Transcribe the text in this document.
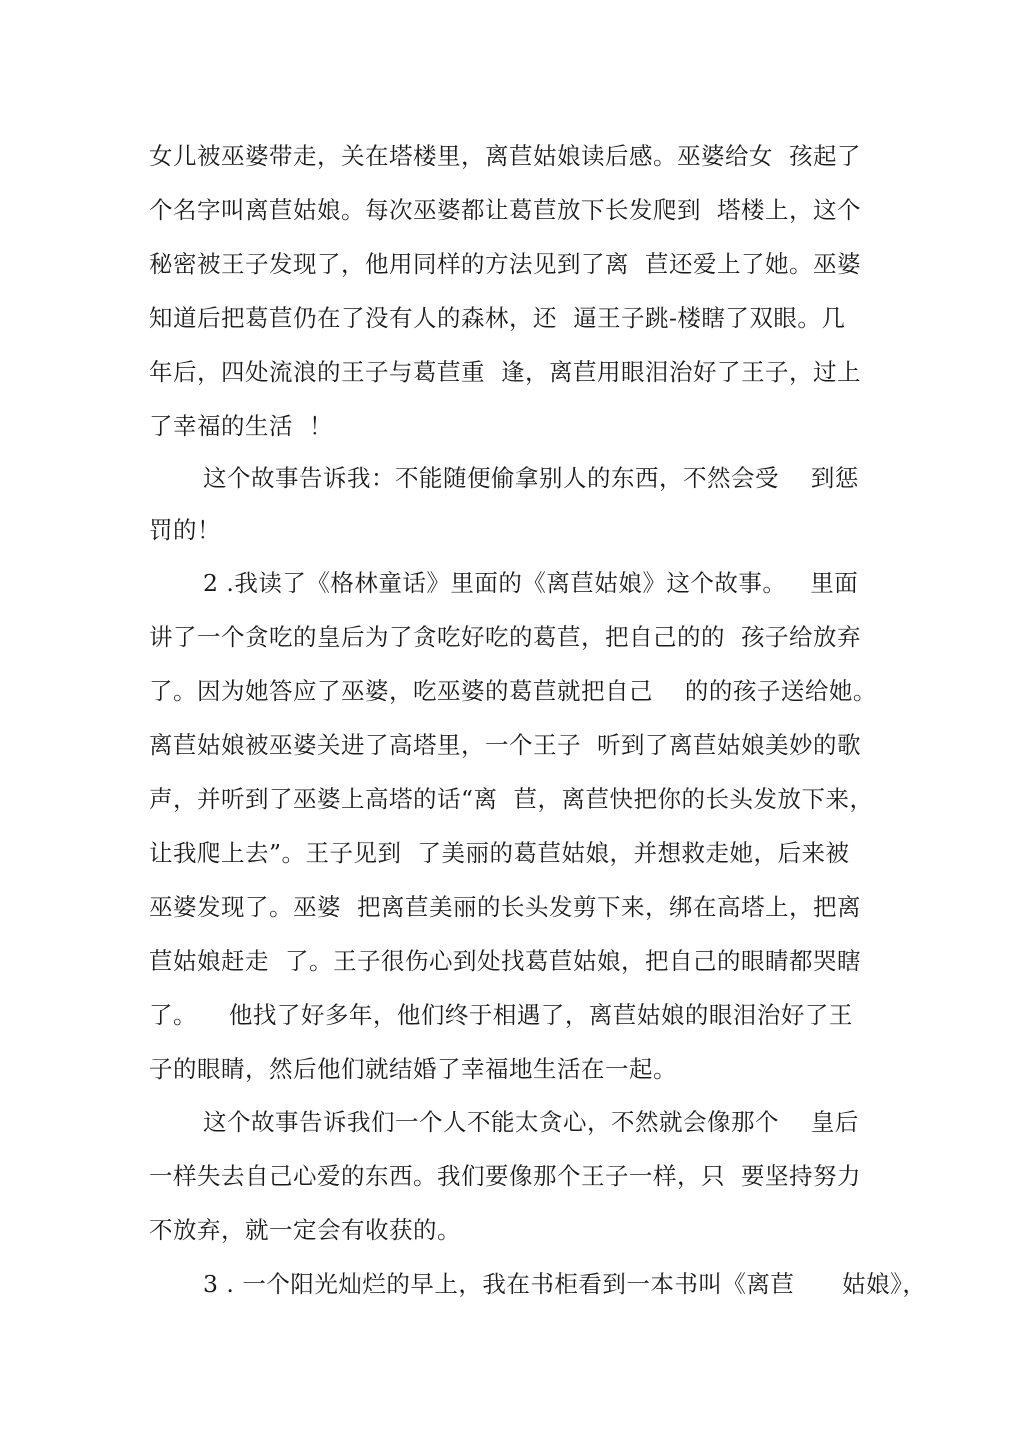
女儿被巫婆带走，关在塔楼里，离苣姑娘读后感。巫婆给女  孩起了
个名字叫离苣姑娘。每次巫婆都让葛苣放下长发爬到  塔楼上，这个
秘密被王子发现了，他用同样的方法见到了离  苣还爱上了她。巫婆
知道后把葛苣仍在了没有人的森林，还  逼王子跳-楼瞎了双眼。几
年后，四处流浪的王子与葛苣重  逢，离苣用眼泪治好了王子，过上
了幸福的生活  ！
这个故事告诉我：不能随便偷拿别人的东西，不然会受    到惩
罚的！
2 .我读了《格林童话》里面的《离苣姑娘》这个故事。   里面
讲了一个贪吃的皇后为了贪吃好吃的葛苣，把自己的的  孩子给放弃
了。因为她答应了巫婆，吃巫婆的葛苣就把自己    的的孩子送给她。
离苣姑娘被巫婆关进了高塔里，一个王子  听到了离苣姑娘美妙的歌
声，并听到了巫婆上高塔的话“离  苣，离苣快把你的长头发放下来，
让我爬上去”。王子见到  了美丽的葛苣姑娘，并想救走她，后来被
巫婆发现了。巫婆  把离苣美丽的长头发剪下来，绑在高塔上，把离
苣姑娘赶走  了。王子很伤心到处找葛苣姑娘，把自己的眼睛都哭瞎
了。    他找了好多年，他们终于相遇了，离苣姑娘的眼泪治好了王
子的眼睛，然后他们就结婚了幸福地生活在一起。
这个故事告诉我们一个人不能太贪心，不然就会像那个    皇后
一样失去自己心爱的东西。我们要像那个王子一样，只  要坚持努力
不放弃，就一定会有收获的。
3 . 一个阳光灿烂的早上，我在书柜看到一本书叫《离苣      姑娘》，
